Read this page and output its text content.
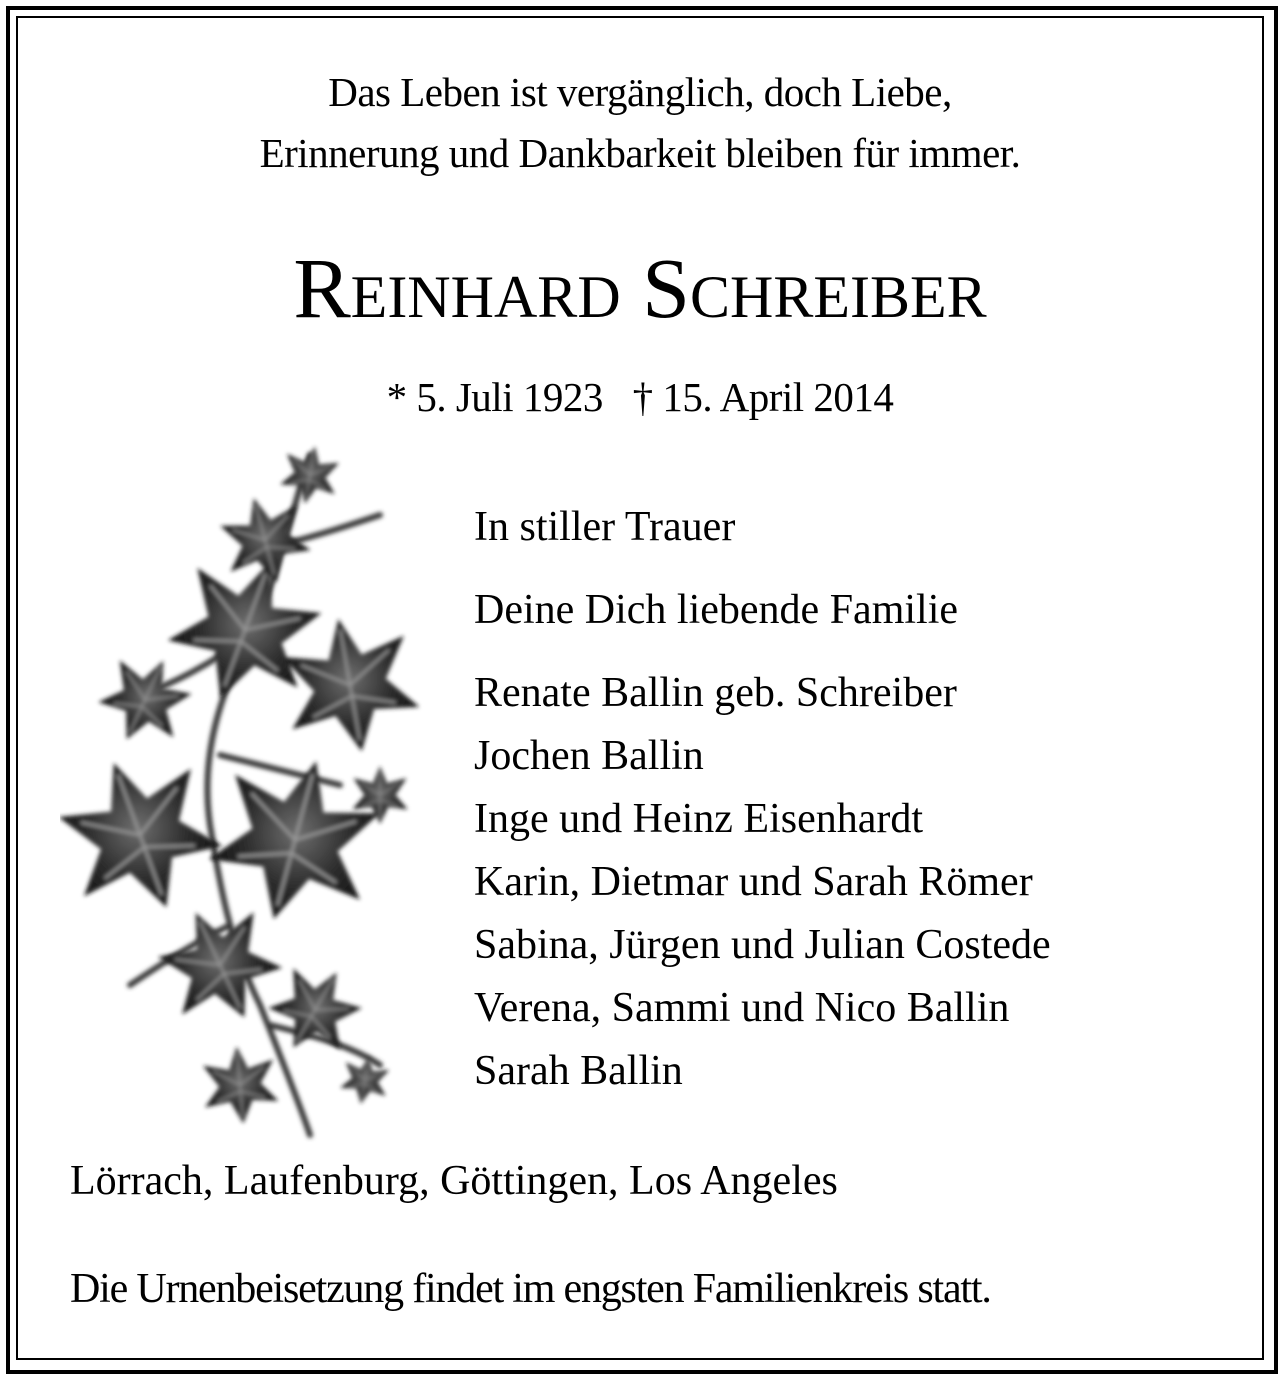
Das Leben ist vergänglich, doch Liebe,
Erinnerung und Dankbarkeit bleiben für immer.
Reinhard Schreiber
* 5. Juli 1923 † 15. April 2014
In stiller Trauer
Deine Dich liebende Familie
Renate Ballin geb. Schreiber
Jochen Ballin
Inge und Heinz Eisenhardt
Karin, Dietmar und Sarah Römer
Sabina, Jürgen und Julian Costede
Verena, Sammi und Nico Ballin
Sarah Ballin
Lörrach, Laufenburg, Göttingen, Los Angeles
Die Urnenbeisetzung findet im engsten Familienkreis statt.
